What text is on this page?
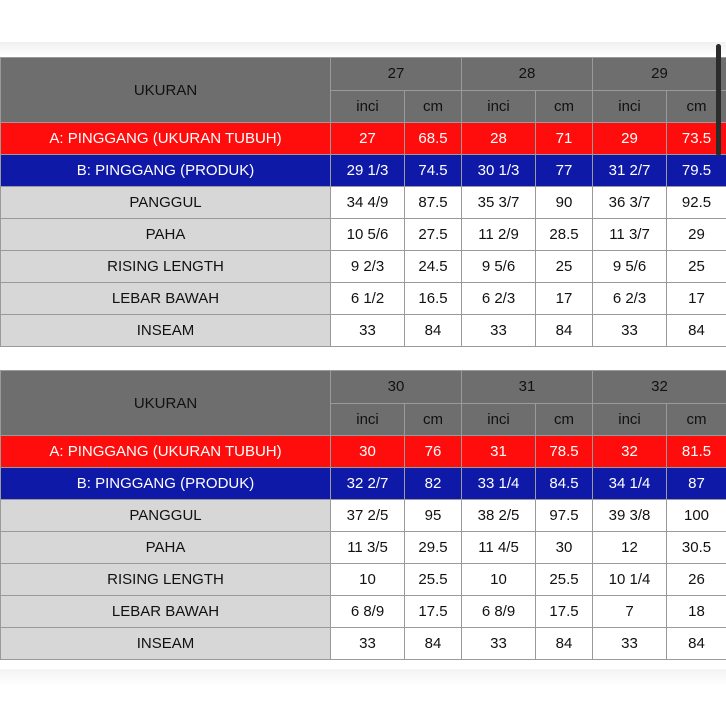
UKURAN	27		28		29	
	inci	cm	inci	cm	inci	cm
A: PINGGANG (UKURAN TUBUH)	27	68.5	28	71	29	73.5
B: PINGGANG (PRODUK)	29 1/3	74.5	30 1/3	77	31 2/7	79.5
PANGGUL	34 4/9	87.5	35 3/7	90	36 3/7	92.5
PAHA	10 5/6	27.5	11 2/9	28.5	11 3/7	29
RISING LENGTH	9 2/3	24.5	9 5/6	25	9 5/6	25
LEBAR BAWAH	6 1/2	16.5	6 2/3	17	6 2/3	17
INSEAM	33	84	33	84	33	84
UKURAN	30		31		32	
	inci	cm	inci	cm	inci	cm
A: PINGGANG (UKURAN TUBUH)	30	76	31	78.5	32	81.5
B: PINGGANG (PRODUK)	32 2/7	82	33 1/4	84.5	34 1/4	87
PANGGUL	37 2/5	95	38 2/5	97.5	39 3/8	100
PAHA	11 3/5	29.5	11 4/5	30	12	30.5
RISING LENGTH	10	25.5	10	25.5	10 1/4	26
LEBAR BAWAH	6 8/9	17.5	6 8/9	17.5	7	18
INSEAM	33	84	33	84	33	84
